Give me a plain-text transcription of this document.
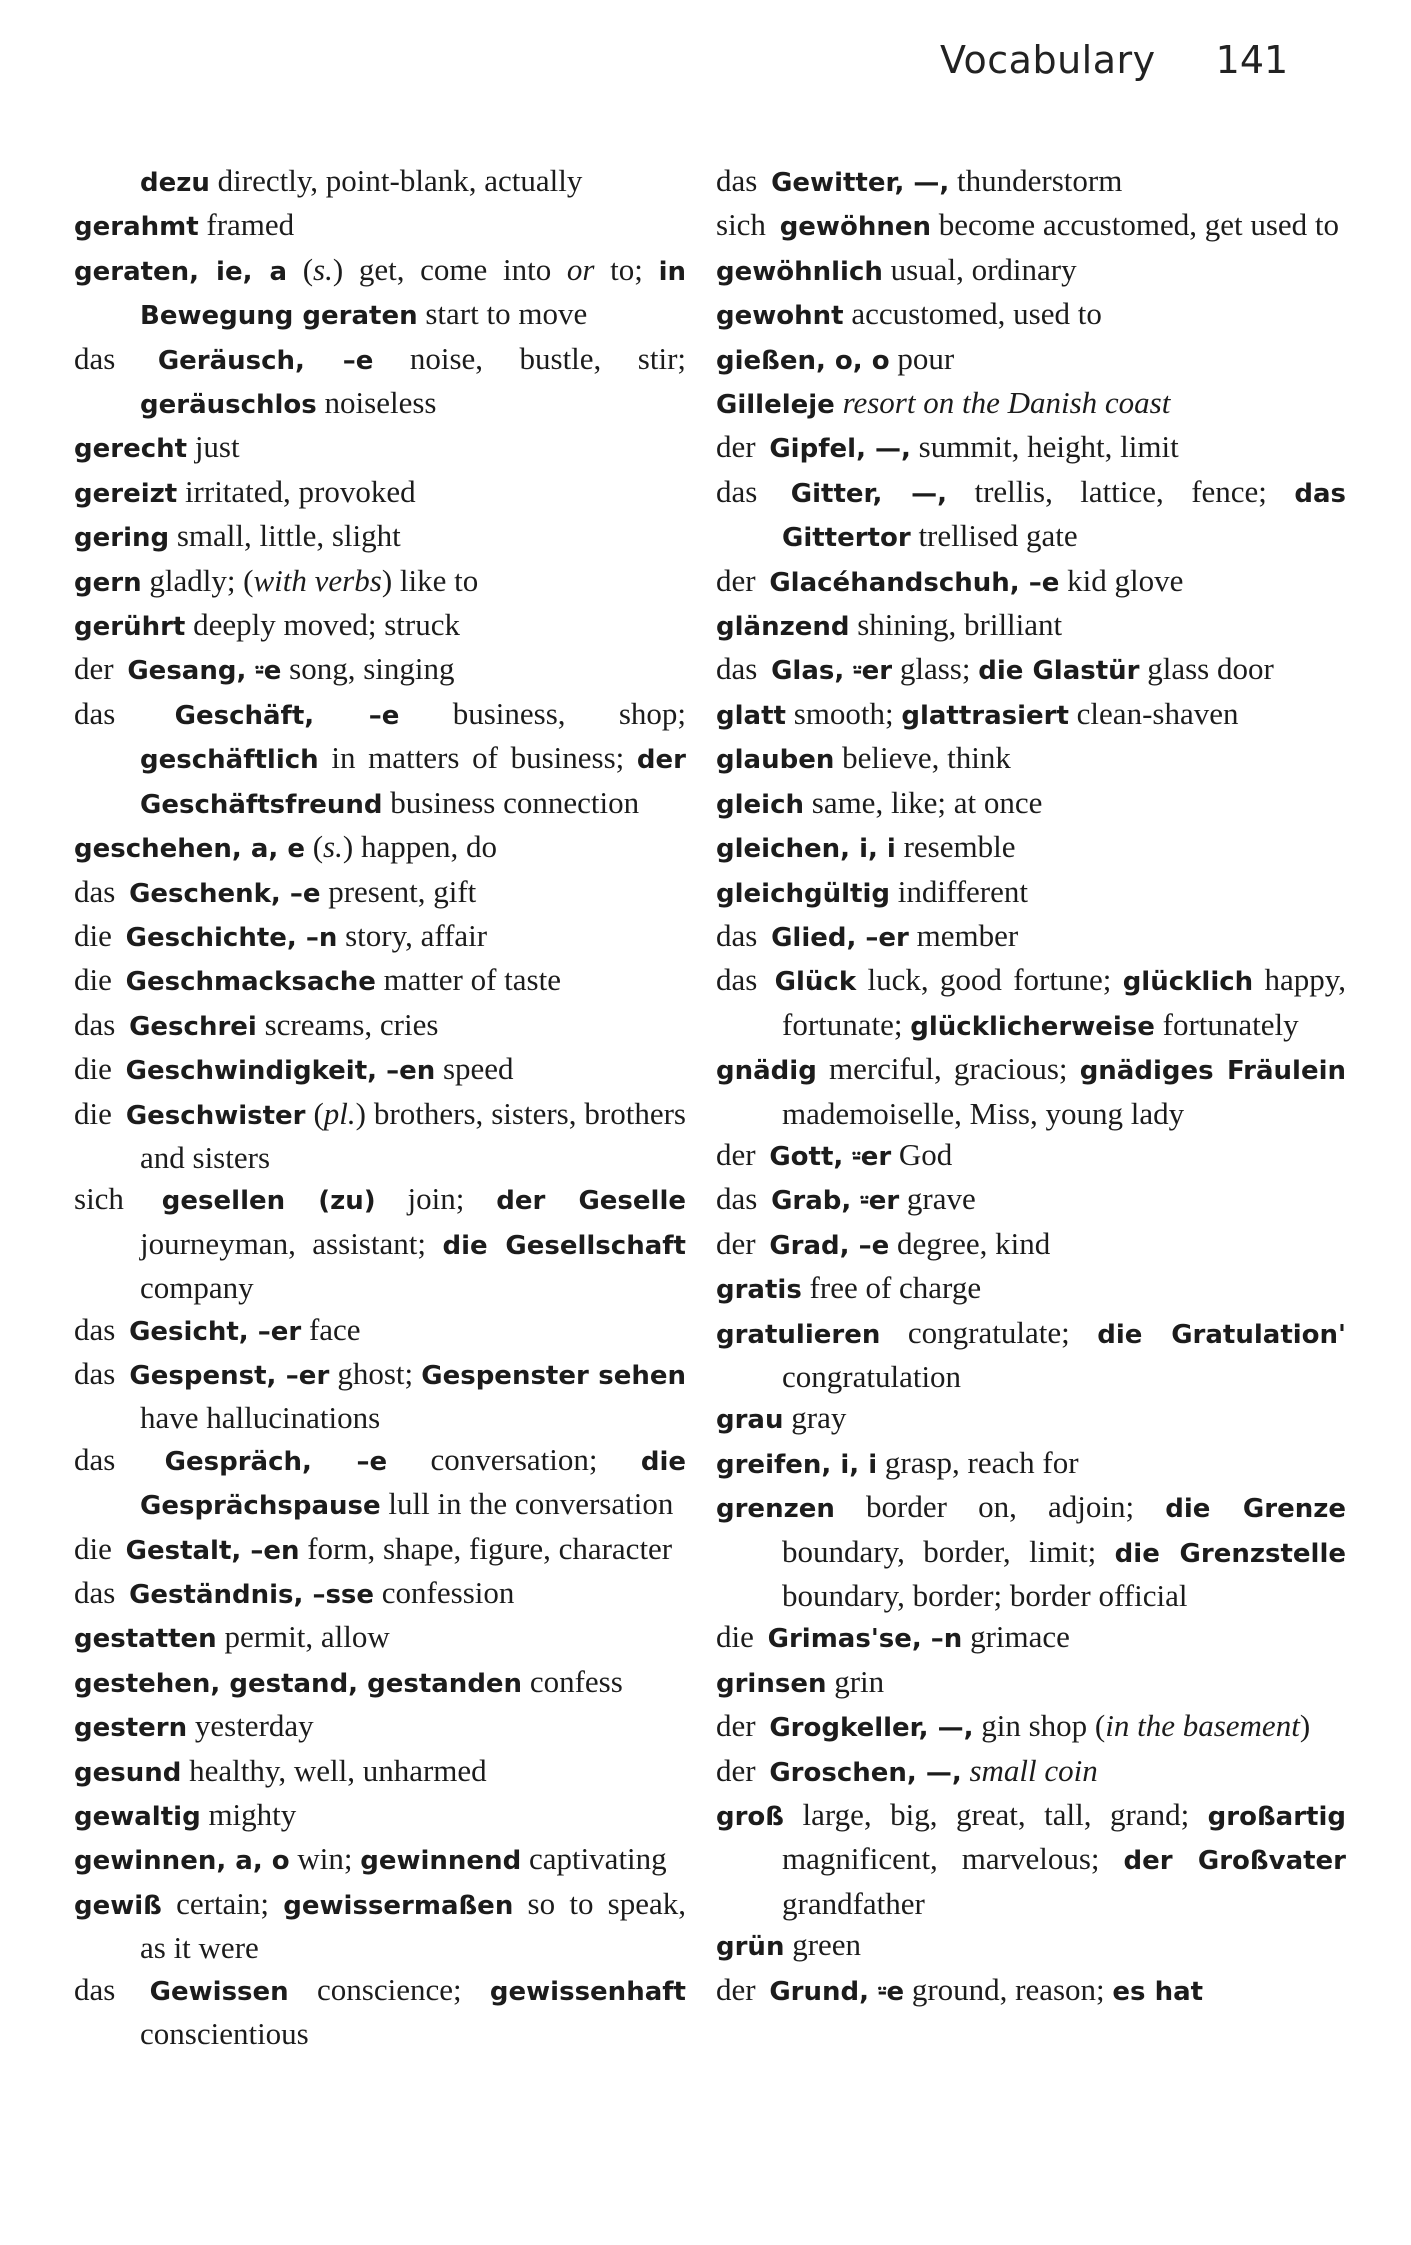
Vocabulary 141
dezu directly, point-blank, actually
gerahmt framed
geraten, ie, a (s.) get, come into or to; in Bewegung geraten start to move
das Geräusch, –e noise, bustle, stir; geräuschlos noiseless
gerecht just
gereizt irritated, provoked
gering small, little, slight
gern gladly; (with verbs) like to
gerührt deeply moved; struck
der Gesang, ⸚e song, singing
das Geschäft, –e business, shop; geschäftlich in matters of business; der Geschäftsfreund business connection
geschehen, a, e (s.) happen, do
das Geschenk, –e present, gift
die Geschichte, –n story, affair
die Geschmacksache matter of taste
das Geschrei screams, cries
die Geschwindigkeit, –en speed
die Geschwister (pl.) brothers, sisters, brothers and sisters
sich gesellen (zu) join; der Geselle journeyman, assistant; die Gesellschaft company
das Gesicht, –er face
das Gespenst, –er ghost; Gespenster sehen have hallucinations
das Gespräch, –e conversation; die Gesprächspause lull in the conversation
die Gestalt, –en form, shape, figure, character
das Geständnis, –sse confession
gestatten permit, allow
gestehen, gestand, gestanden confess
gestern yesterday
gesund healthy, well, unharmed
gewaltig mighty
gewinnen, a, o win; gewinnend captivating
gewiß certain; gewissermaßen so to speak, as it were
das Gewissen conscience; gewissenhaft conscientious
das Gewitter, —, thunderstorm
sich gewöhnen become accustomed, get used to
gewöhnlich usual, ordinary
gewohnt accustomed, used to
gießen, o, o pour
Gilleleje resort on the Danish coast
der Gipfel, —, summit, height, limit
das Gitter, —, trellis, lattice, fence; das Gittertor trellised gate
der Glacéhandschuh, –e kid glove
glänzend shining, brilliant
das Glas, ⸚er glass; die Glastür glass door
glatt smooth; glattrasiert clean-shaven
glauben believe, think
gleich same, like; at once
gleichen, i, i resemble
gleichgültig indifferent
das Glied, –er member
das Glück luck, good fortune; glücklich happy, fortunate; glücklicherweise fortunately
gnädig merciful, gracious; gnädiges Fräulein mademoiselle, Miss, young lady
der Gott, ⸚er God
das Grab, ⸚er grave
der Grad, –e degree, kind
gratis free of charge
gratulieren congratulate; die Gratulation' congratulation
grau gray
greifen, i, i grasp, reach for
grenzen border on, adjoin; die Grenze boundary, border, limit; die Grenzstelle boundary, border; border official
die Grimas'se, –n grimace
grinsen grin
der Grogkeller, —, gin shop (in the basement)
der Groschen, —, small coin
groß large, big, great, tall, grand; großartig magnificent, marvelous; der Großvater grandfather
grün green
der Grund, ⸚e ground, reason; es hat
